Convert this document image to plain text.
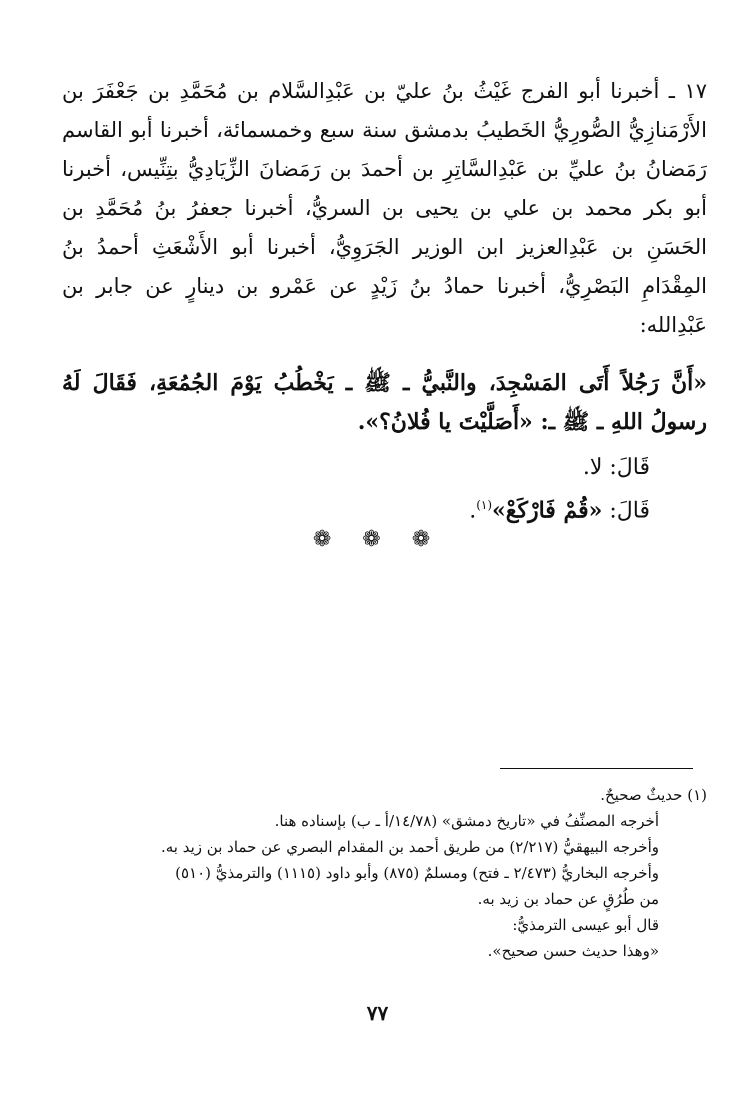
١٧ ـ أخبرنا أبو الفرج غَيْثُ بنُ عليّ بن عَبْدِالسَّلام بن مُحَمَّدِ بن جَعْفَرَ بن الأَرْمَنازِيُّ الصُّورِيُّ الخَطيبُ بدمشق سنة سبع وخمسمائة، أخبرنا أبو القاسم رَمَضانُ بنُ عليِّ بن عَبْدِالسَّاتِرِ بن أحمدَ بن رَمَضانَ الزِّيَادِيُّ بتِنِّيس، أخبرنا أبو بكر محمد بن علي بن يحيى بن السريُّ، أخبرنا جعفرُ بنُ مُحَمَّدِ بن الحَسَنِ بن عَبْدِالعزيز ابن الوزير الجَرَوِيُّ، أخبرنا أبو الأَشْعَثِ أحمدُ بنُ المِقْدَامِ البَصْرِيُّ، أخبرنا حمادُ بنُ زَيْدٍ عن عَمْرو بن دينارٍ عن جابر بن عَبْدِالله:

«أَنَّ رَجُلاً أَتَى المَسْجِدَ، والنَّبيُّ ـ ﷺ ـ يَخْطُبُ يَوْمَ الجُمُعَةِ، فَقَالَ لَهُ رسولُ اللهِ ـ ﷺ ـ: «أَصَلَّيْتَ يا فُلانُ؟».
قَالَ: لا.
قَالَ: «قُمْ فَارْكَعْ»$^{(١)}$.
❁ ❁ ❁
(١) حديثٌ صحيحٌ.
أخرجه المصنِّفُ في «تاريخ دمشق» (١٤/٧٨/أ ـ ب) بإسناده هنا.
وأخرجه البيهقيُّ (٢/٢١٧) من طريق أحمد بن المقدام البصري عن حماد بن زيد به.
وأخرجه البخاريُّ (٢/٤٧٣ ـ فتح) ومسلمٌ (٨٧٥) وأبو داود (١١١٥) والترمذيُّ (٥١٠)
من طُرُقٍ عن حماد بن زيد به.
قال أبو عيسى الترمذيُّ:
«وهذا حديث حسن صحيح».
٧٧
